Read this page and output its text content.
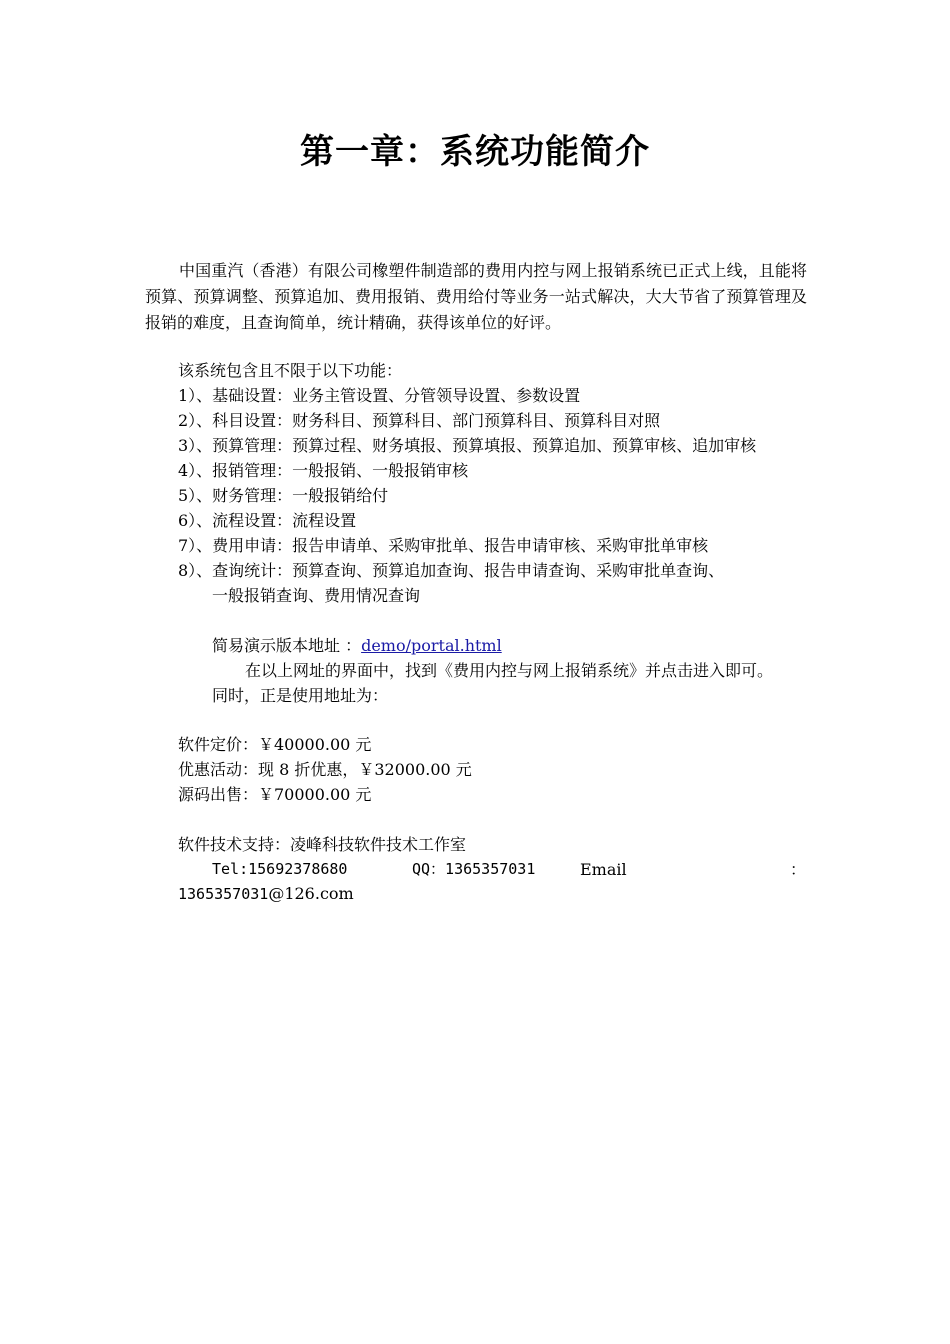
第一章：系统功能简介
中国重汽（香港）有限公司橡塑件制造部的费用内控与网上报销系统已正式上线，且能将预算、预算调整、预算追加、费用报销、费用给付等业务一站式解决，大大节省了预算管理及报销的难度，且查询简单，统计精确，获得该单位的好评。
该系统包含且不限于以下功能：
1）、基础设置：业务主管设置、分管领导设置、参数设置
2）、科目设置：财务科目、预算科目、部门预算科目、预算科目对照
3）、预算管理：预算过程、财务填报、预算填报、预算追加、预算审核、追加审核
4）、报销管理：一般报销、一般报销审核
5）、财务管理：一般报销给付
6）、流程设置：流程设置
7）、费用申请：报告申请单、采购审批单、报告申请审核、采购审批单审核
8）、查询统计：预算查询、预算追加查询、报告申请查询、采购审批单查询、
一般报销查询、费用情况查询
简易演示版本地址 ：demo/portal.html
在以上网址的界面中，找到《费用内控与网上报销系统》并点击进入即可。
同时，正是使用地址为：
软件定价：￥40000.00 元
优惠活动：现 8 折优惠，￥32000.00 元
源码出售：￥70000.00 元
软件技术支持：凌峰科技软件技术工作室
Tel:15692378680	QQ：1365357031	Email	：
1365357031@126.com
